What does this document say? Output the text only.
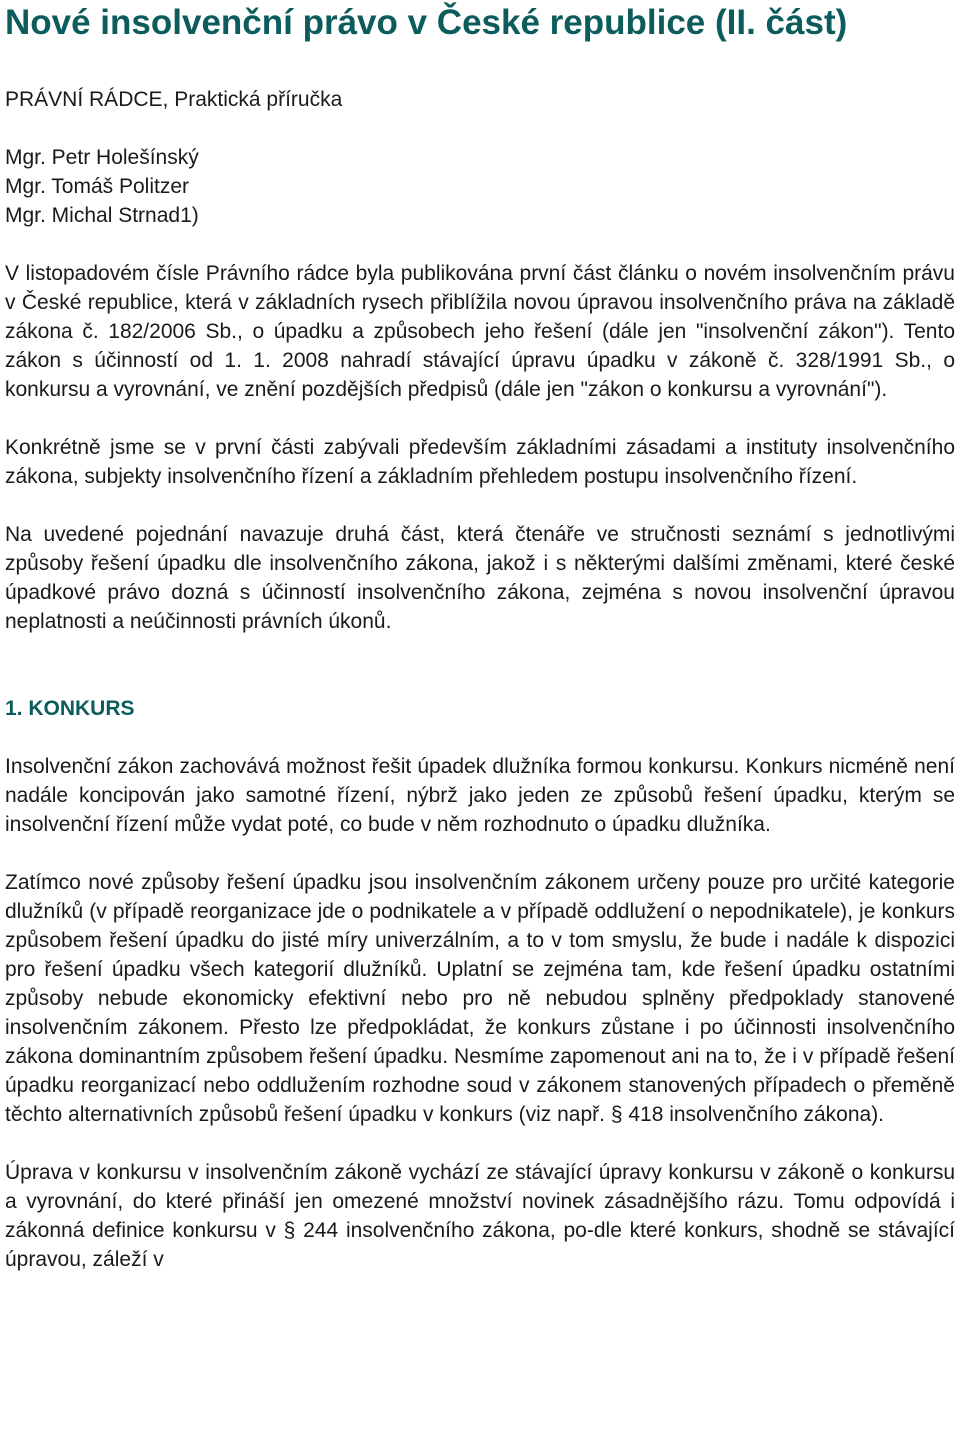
Nové insolvenční právo v České republice (II. část)
PRÁVNÍ RÁDCE, Praktická příručka
Mgr. Petr Holešínský
Mgr. Tomáš Politzer
Mgr. Michal Strnad1)

V listopadovém čísle Právního rádce byla publikována první část článku o novém insolvenčním právu v České republice, která v základních rysech přiblížila novou úpravou insolvenčního práva na základě zákona č. 182/2006 Sb., o úpadku a způsobech jeho řešení (dále jen "insolvenční zákon"). Tento zákon s účinností od 1. 1. 2008 nahradí stávající úpravu úpadku v zákoně č. 328/1991 Sb., o konkursu a vyrovnání, ve znění pozdějších předpisů (dále jen "zákon o konkursu a vyrovnání").

Konkrétně jsme se v první části zabývali především základními zásadami a instituty insolvenčního zákona, subjekty insolvenčního řízení a základním přehledem postupu insolvenčního řízení.

Na uvedené pojednání navazuje druhá část, která čtenáře ve stručnosti seznámí s jednotlivými způsoby řešení úpadku dle insolvenčního zákona, jakož i s některými dalšími změnami, které české úpadkové právo dozná s účinností insolvenčního zákona, zejména s novou insolvenční úpravou neplatnosti a neúčinnosti právních úkonů.

1. KONKURS

Insolvenční zákon zachovává možnost řešit úpadek dlužníka formou konkursu. Konkurs nicméně není nadále koncipován jako samotné řízení, nýbrž jako jeden ze způsobů řešení úpadku, kterým se insolvenční řízení může vydat poté, co bude v něm rozhodnuto o úpadku dlužníka.

Zatímco nové způsoby řešení úpadku jsou insolvenčním zákonem určeny pouze pro určité kategorie dlužníků (v případě reorganizace jde o podnikatele a v případě oddlužení o nepodnikatele), je konkurs způsobem řešení úpadku do jisté míry univerzálním, a to v tom smyslu, že bude i nadále k dispozici pro řešení úpadku všech kategorií dlužníků. Uplatní se zejména tam, kde řešení úpadku ostatními způsoby nebude ekonomicky efektivní nebo pro ně nebudou splněny předpoklady stanovené insolvenčním zákonem. Přesto lze předpokládat, že konkurs zůstane i po účinnosti insolvenčního zákona dominantním způsobem řešení úpadku. Nesmíme zapomenout ani na to, že i v případě řešení úpadku reorganizací nebo oddlužením rozhodne soud v zákonem stanovených případech o přeměně těchto alternativních způsobů řešení úpadku v konkurs (viz např. § 418 insolvenčního zákona).

Úprava v konkursu v insolvenčním zákoně vychází ze stávající úpravy konkursu v zákoně o konkursu a vyrovnání, do které přináší jen omezené množství novinek zásadnějšího rázu. Tomu odpovídá i zákonná definice konkursu v § 244 insolvenčního zákona, po-dle které konkurs, shodně se stávající úpravou, záleží v
